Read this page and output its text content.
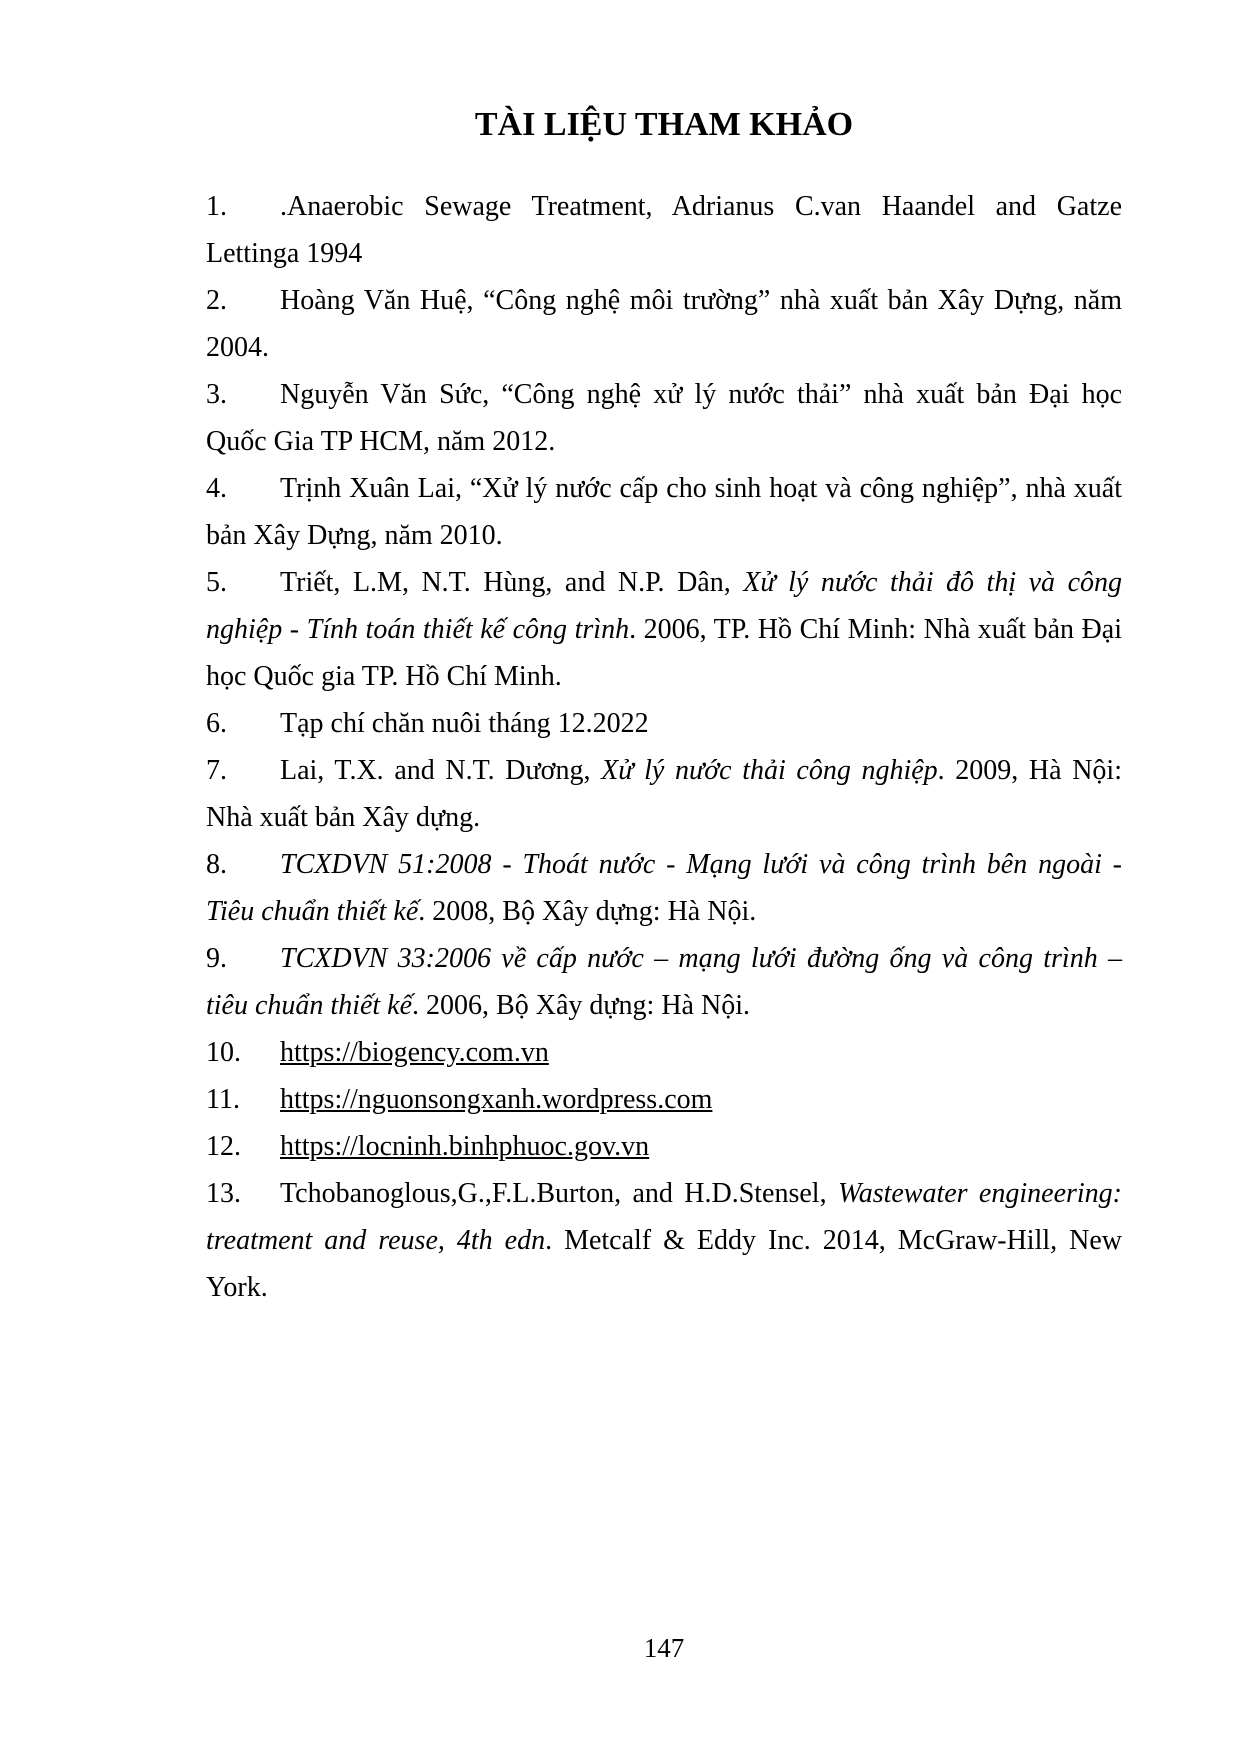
TÀI LIỆU THAM KHẢO

1. .Anaerobic Sewage Treatment, Adrianus C.van Haandel and Gatze Lettinga 1994

2. Hoàng Văn Huệ, “Công nghệ môi trường” nhà xuất bản Xây Dựng, năm 2004.

3. Nguyễn Văn Sức, “Công nghệ xử lý nước thải” nhà xuất bản Đại học Quốc Gia TP HCM, năm 2012.

4. Trịnh Xuân Lai, “Xử lý nước cấp cho sinh hoạt và công nghiệp”, nhà xuất bản Xây Dựng, năm 2010.

5. Triết, L.M, N.T. Hùng, and N.P. Dân, Xử lý nước thải đô thị và công nghiệp - Tính toán thiết kế công trình. 2006, TP. Hồ Chí Minh: Nhà xuất bản Đại học Quốc gia TP. Hồ Chí Minh.

6. Tạp chí chăn nuôi tháng 12.2022

7. Lai, T.X. and N.T. Dương, Xử lý nước thải công nghiệp. 2009, Hà Nội: Nhà xuất bản Xây dựng.

8. TCXDVN 51:2008 - Thoát nước - Mạng lưới và công trình bên ngoài - Tiêu chuẩn thiết kế. 2008, Bộ Xây dựng: Hà Nội.

9. TCXDVN 33:2006 về cấp nước – mạng lưới đường ống và công trình – tiêu chuẩn thiết kế. 2006, Bộ Xây dựng: Hà Nội.

10. https://biogency.com.vn

11. https://nguonsongxanh.wordpress.com

12. https://locninh.binhphuoc.gov.vn

13. Tchobanoglous,G.,F.L.Burton, and H.D.Stensel, Wastewater engineering: treatment and reuse, 4th edn. Metcalf & Eddy Inc. 2014, McGraw-Hill, New York.

147
